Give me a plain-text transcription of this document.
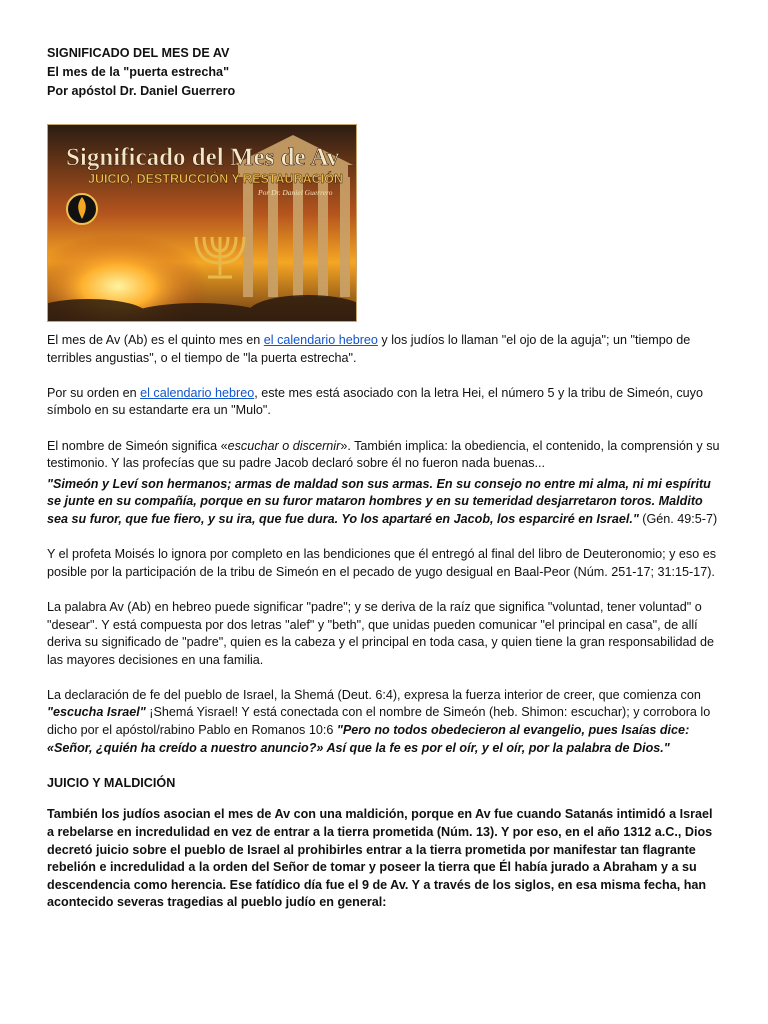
SIGNIFICADO DEL MES DE AV
El mes de la "puerta estrecha"
Por apóstol Dr. Daniel Guerrero
Significado del Mes de Av
JUICIO, DESTRUCCIÓN Y RESTAURACIÓN
Por Dr. Daniel Guerrero

El mes de Av (Ab) es el quinto mes en el calendario hebreo y los judíos lo llaman "el ojo de la aguja"; un "tiempo de terribles angustias", o el tiempo de "la puerta estrecha".

Por su orden en el calendario hebreo, este mes está asociado con la letra Hei, el número 5 y la tribu de Simeón, cuyo símbolo en su estandarte era un "Mulo".

El nombre de Simeón significa «escuchar o discernir». También implica: la obediencia, el contenido, la comprensión y su testimonio. Y las profecías que su padre Jacob declaró sobre él no fueron nada buenas...

"Simeón y Leví son hermanos; armas de maldad son sus armas. En su consejo no entre mi alma, ni mi espíritu se junte en su compañía, porque en su furor mataron hombres y en su temeridad desjarretaron toros. Maldito sea su furor, que fue fiero, y su ira, que fue dura. Yo los apartaré en Jacob, los esparciré en Israel." (Gén. 49:5-7)

Y el profeta Moisés lo ignora por completo en las bendiciones que él entregó al final del libro de Deuteronomio; y eso es posible por la participación de la tribu de Simeón en el pecado de yugo desigual en Baal-Peor (Núm. 251-17; 31:15-17).

La palabra Av (Ab) en hebreo puede significar "padre"; y se deriva de la raíz que significa "voluntad, tener voluntad" o "desear". Y está compuesta por dos letras "alef" y "beth", que unidas pueden comunicar "el principal en casa", de allí deriva su significado de "padre", quien es la cabeza y el principal en toda casa, y quien tiene la gran responsabilidad de las mayores decisiones en una familia.

La declaración de fe del pueblo de Israel, la Shemá (Deut. 6:4), expresa la fuerza interior de creer, que comienza con "escucha Israel" ¡Shemá Yisrael! Y está conectada con el nombre de Simeón (heb. Shimon: escuchar); y corrobora lo dicho por el apóstol/rabino Pablo en Romanos 10:6 "Pero no todos obedecieron al evangelio, pues Isaías dice: «Señor, ¿quién ha creído a nuestro anuncio?» Así que la fe es por el oír, y el oír, por la palabra de Dios."

JUICIO Y MALDICIÓN

También los judíos asocian el mes de Av con una maldición, porque en Av fue cuando Satanás intimidó a Israel a rebelarse en incredulidad en vez de entrar a la tierra prometida (Núm. 13). Y por eso, en el año 1312 a.C., Dios decretó juicio sobre el pueblo de Israel al prohibirles entrar a la tierra prometida por manifestar tan flagrante rebelión e incredulidad a la orden del Señor de tomar y poseer la tierra que Él había jurado a Abraham y a su descendencia como herencia. Ese fatídico día fue el 9 de Av. Y a través de los siglos, en esa misma fecha, han acontecido severas tragedias al pueblo judío en general:
